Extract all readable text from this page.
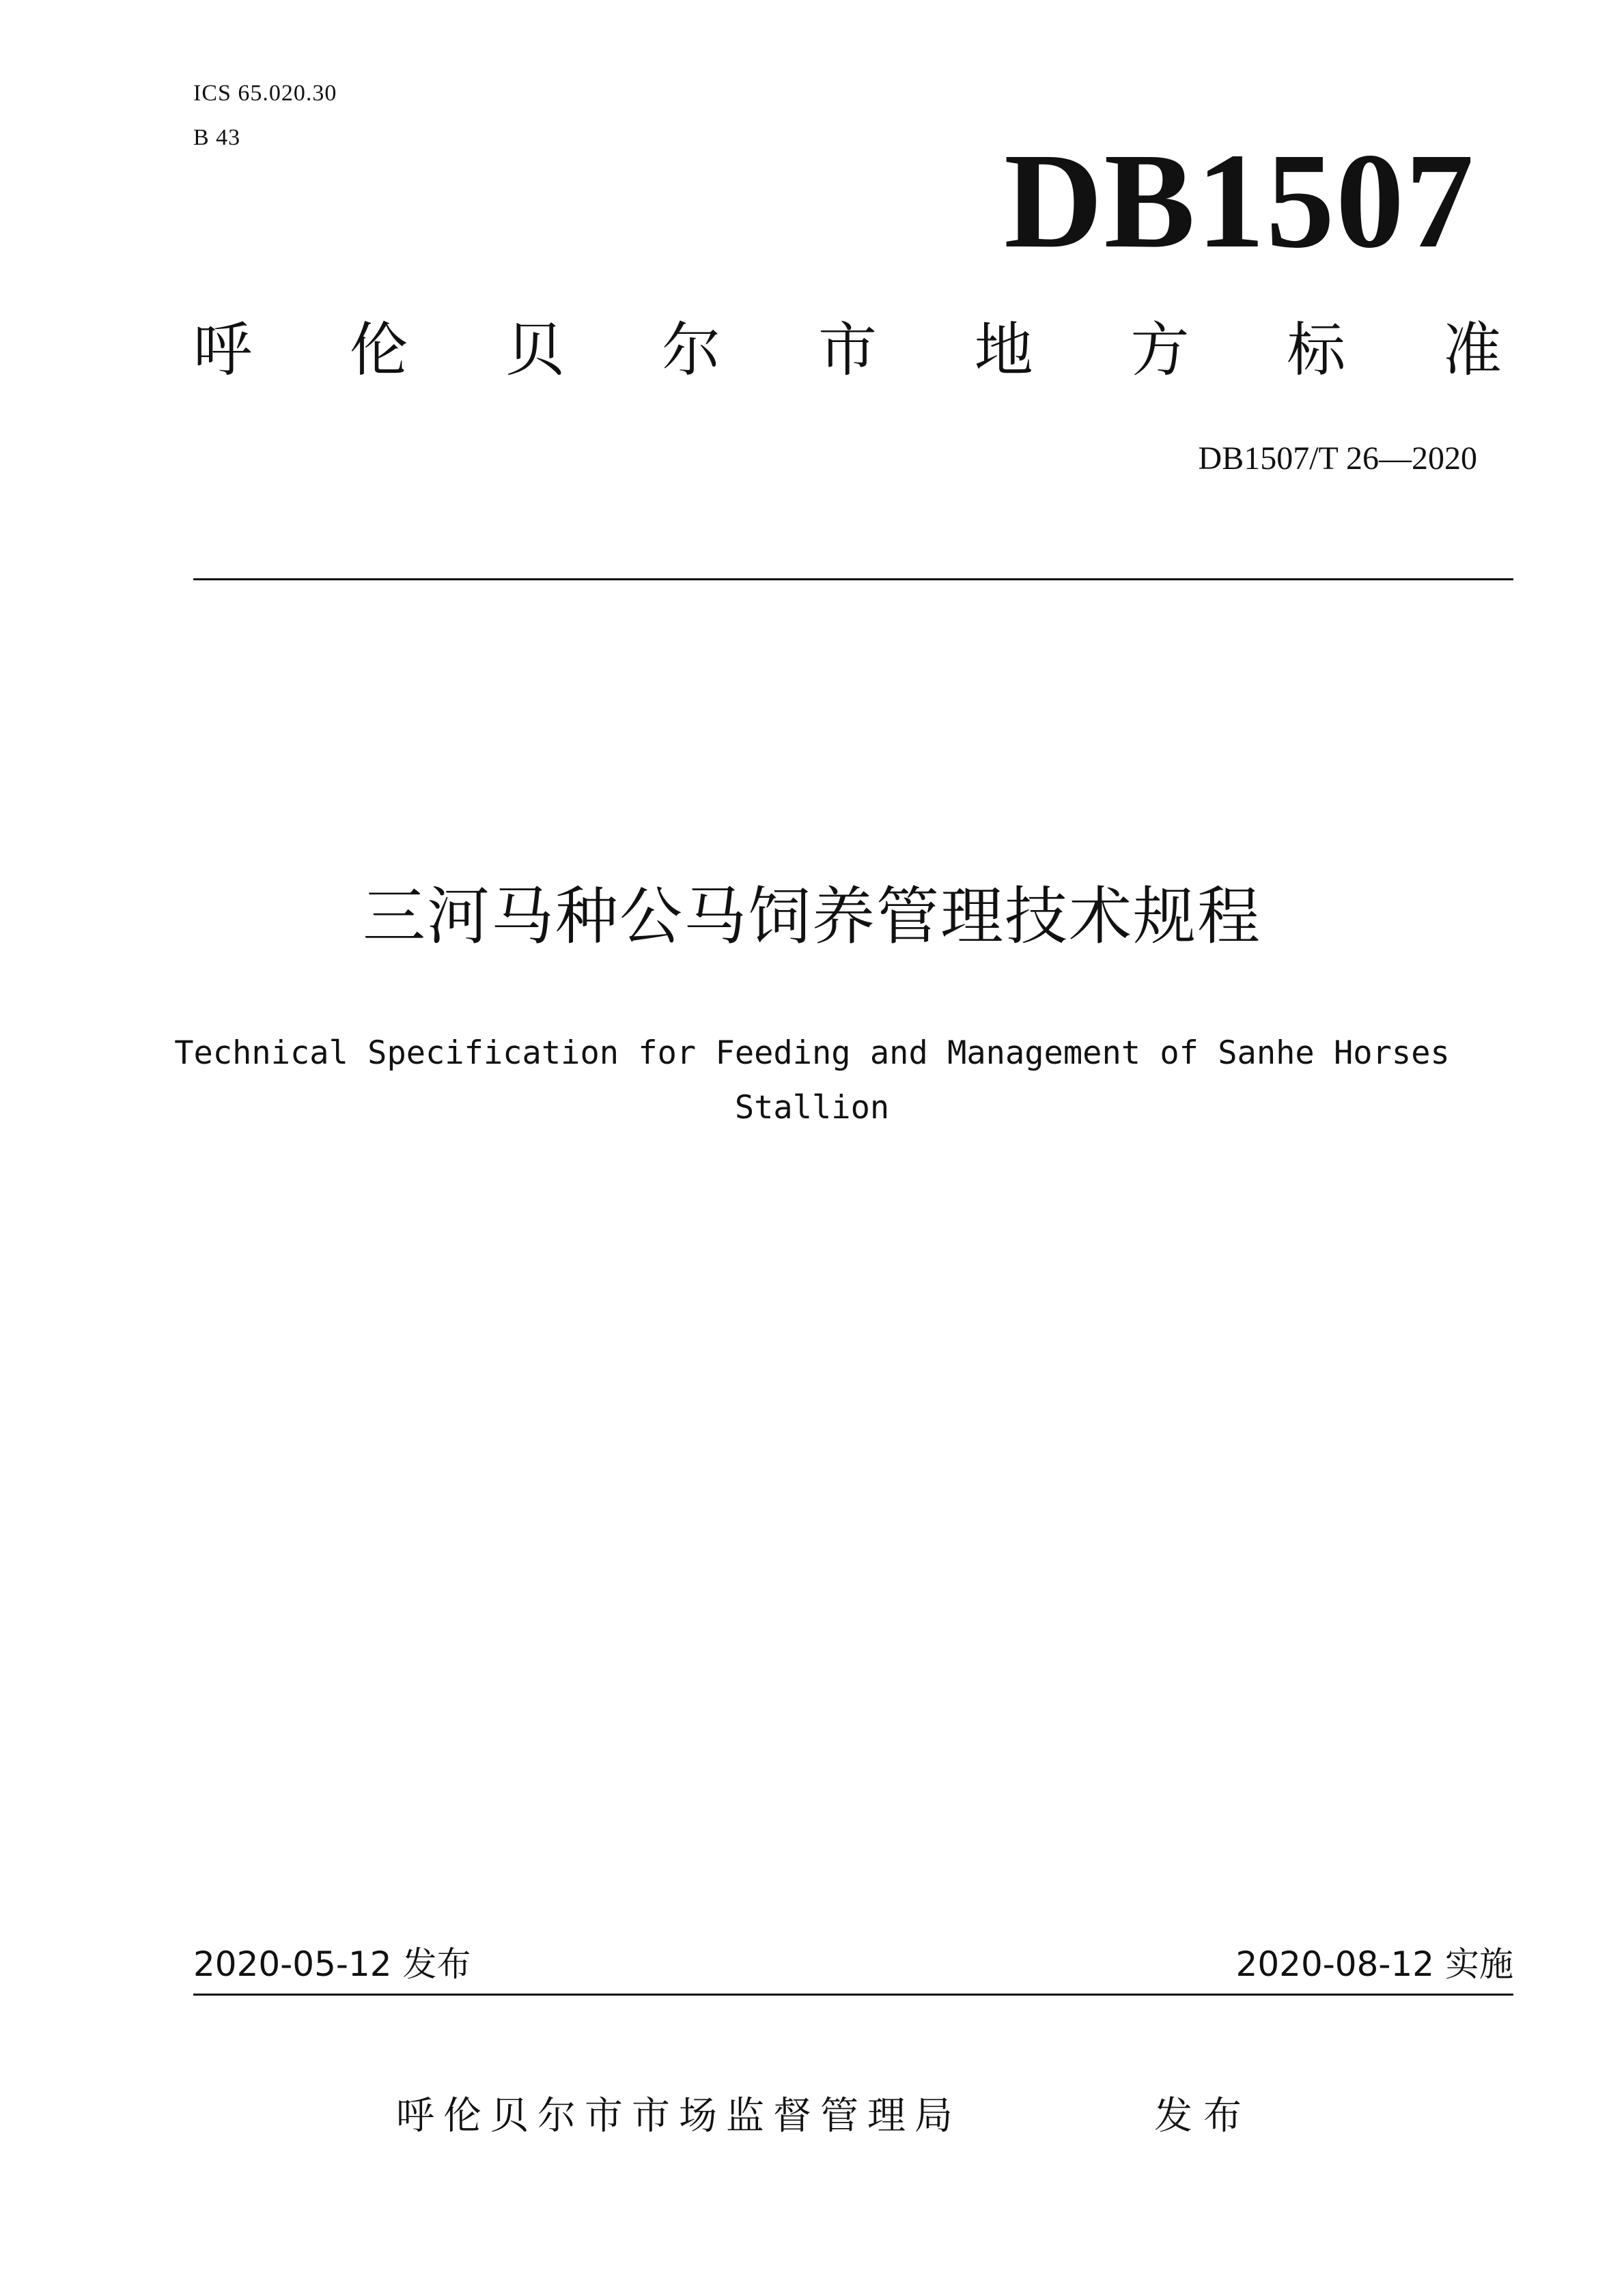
ICS 65.020.30
B 43	DB1507
呼 伦 贝 尔 市 地 方 标 准
DB1507/T 26—2020
三河马种公马饲养管理技术规程
Technical Specification for Feeding and Management of Sanhe Horses
Stallion
2020-05-12 发布	2020-08-12 实施
呼伦贝尔市市场监督管理局	发布
